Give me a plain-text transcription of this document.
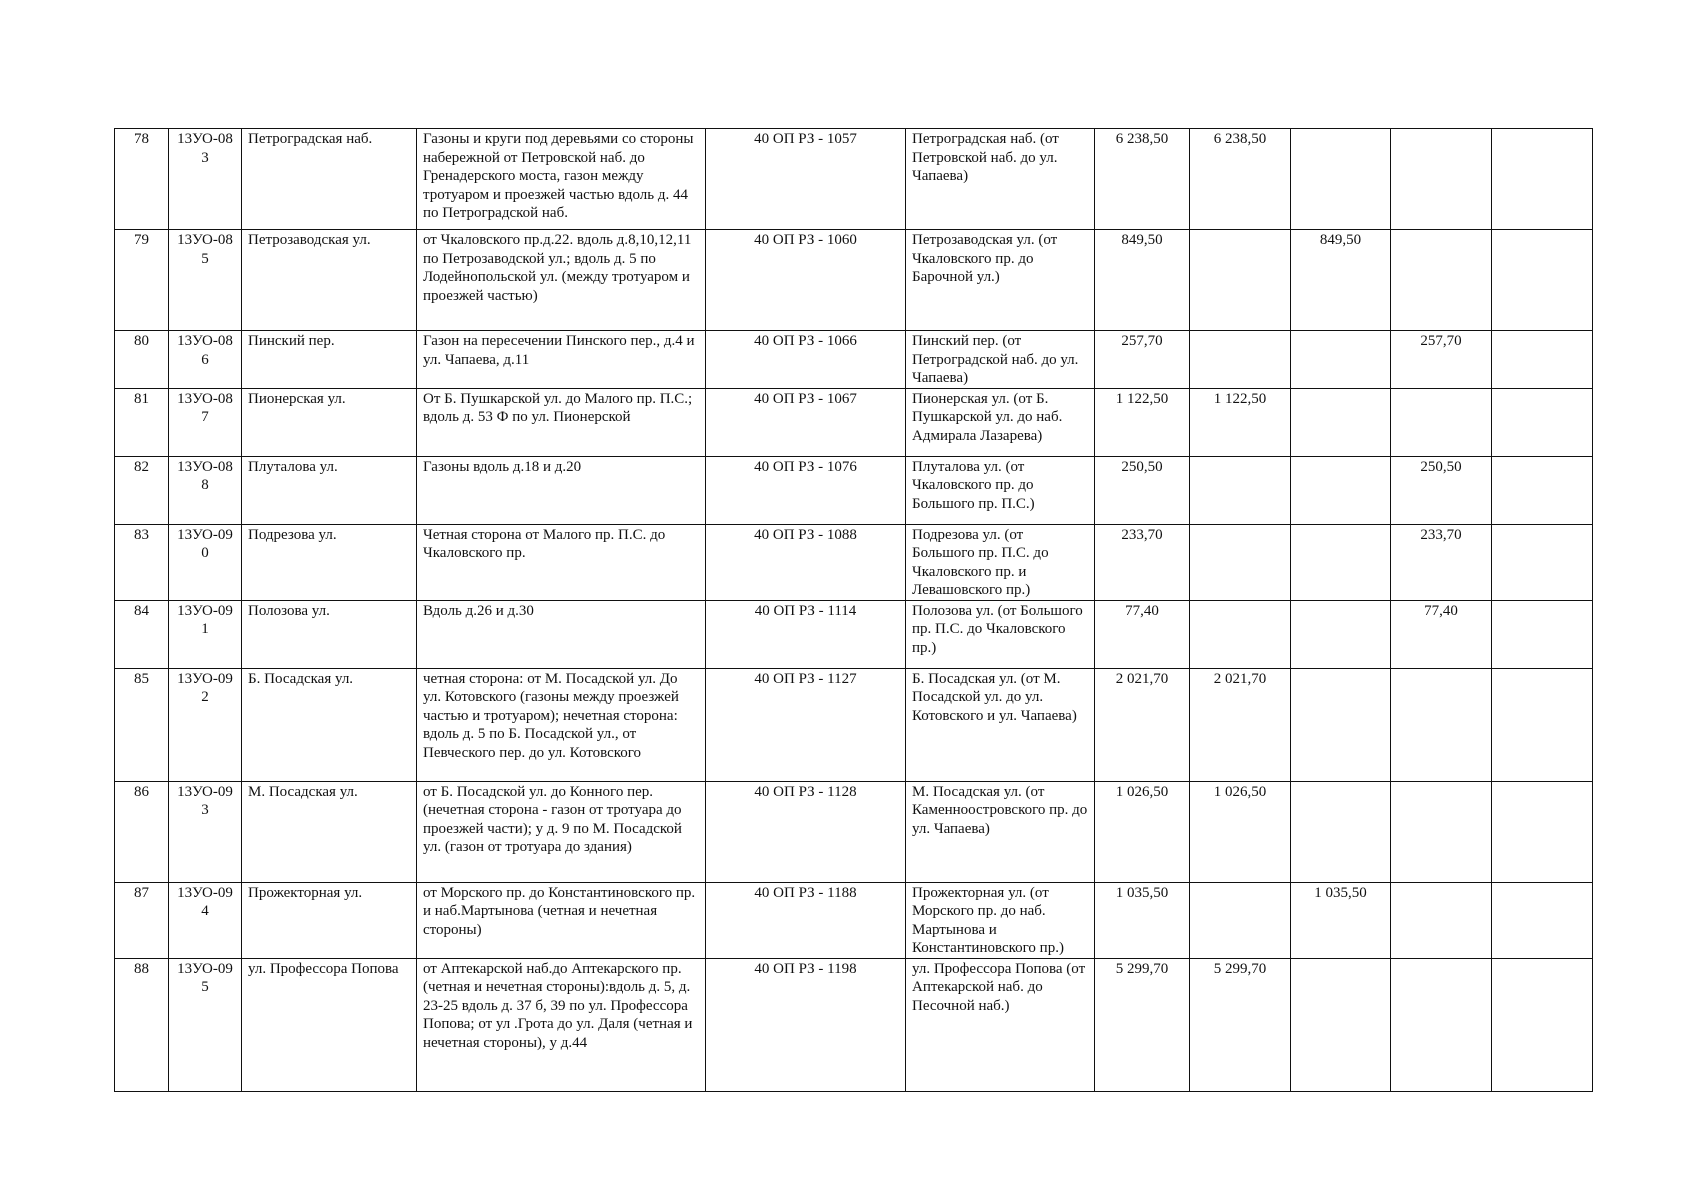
78	13УО-083	Петроградская наб.	Газоны и круги под деревьями со стороны набережной от Петровской наб. до Гренадерского моста, газон между тротуаром и проезжей частью вдоль д. 44 по Петроградской наб.	40 ОП РЗ - 1057	Петроградская наб. (от Петровской наб. до ул. Чапаева)	6 238,50	6 238,50			
79	13УО-085	Петрозаводская ул.	от Чкаловского пр.д.22. вдоль д.8,10,12,11 по Петрозаводской ул.; вдоль д. 5 по Лодейнопольской ул. (между тротуаром и проезжей частью)	40 ОП РЗ - 1060	Петрозаводская ул. (от Чкаловского пр. до Барочной ул.)	849,50		849,50		
80	13УО-086	Пинский пер.	Газон на пересечении Пинского пер., д.4 и ул. Чапаева, д.11	40 ОП РЗ - 1066	Пинский пер. (от Петроградской наб. до ул. Чапаева)	257,70			257,70	
81	13УО-087	Пионерская ул.	От Б. Пушкарской ул. до Малого пр. П.С.; вдоль д. 53 Ф по ул. Пионерской	40 ОП РЗ - 1067	Пионерская ул. (от Б. Пушкарской ул. до наб. Адмирала Лазарева)	1 122,50	1 122,50			
82	13УО-088	Плуталова ул.	Газоны вдоль д.18 и д.20	40 ОП РЗ - 1076	Плуталова ул. (от Чкаловского пр. до Большого пр. П.С.)	250,50			250,50	
83	13УО-090	Подрезова ул.	Четная сторона от Малого пр. П.С. до Чкаловского пр.	40 ОП РЗ - 1088	Подрезова ул. (от Большого пр. П.С. до Чкаловского пр. и Левашовского пр.)	233,70			233,70	
84	13УО-091	Полозова ул.	Вдоль д.26 и д.30	40 ОП РЗ - 1114	Полозова ул. (от Большого пр. П.С. до Чкаловского пр.)	77,40			77,40	
85	13УО-092	Б. Посадская ул.	четная сторона: от М. Посадской ул. До ул. Котовского (газоны между проезжей частью и тротуаром); нечетная сторона: вдоль д. 5 по Б. Посадской ул., от Певческого пер. до ул. Котовского	40 ОП РЗ - 1127	Б. Посадская ул. (от М. Посадской ул. до ул. Котовского и ул. Чапаева)	2 021,70	2 021,70			
86	13УО-093	М. Посадская ул.	от Б. Посадской ул. до Конного пер. (нечетная сторона - газон от тротуара до проезжей части); у д. 9 по М. Посадской ул. (газон от тротуара до здания)	40 ОП РЗ - 1128	М. Посадская ул. (от Каменноостровского пр. до ул. Чапаева)	1 026,50	1 026,50			
87	13УО-094	Прожекторная ул.	от Морского пр. до Константиновского пр. и наб.Мартынова (четная и нечетная стороны)	40 ОП РЗ - 1188	Прожекторная ул. (от Морского пр. до наб. Мартынова и Константиновского пр.)	1 035,50		1 035,50		
88	13УО-095	ул. Профессора Попова	от Аптекарской наб.до Аптекарского пр. (четная и нечетная стороны):вдоль д. 5, д. 23-25 вдоль д. 37 б, 39 по ул. Профессора Попова; от ул .Грота до ул. Даля (четная и нечетная стороны), у д.44	40 ОП РЗ - 1198	ул. Профессора Попова (от Аптекарской наб. до Песочной наб.)	5 299,70	5 299,70			
